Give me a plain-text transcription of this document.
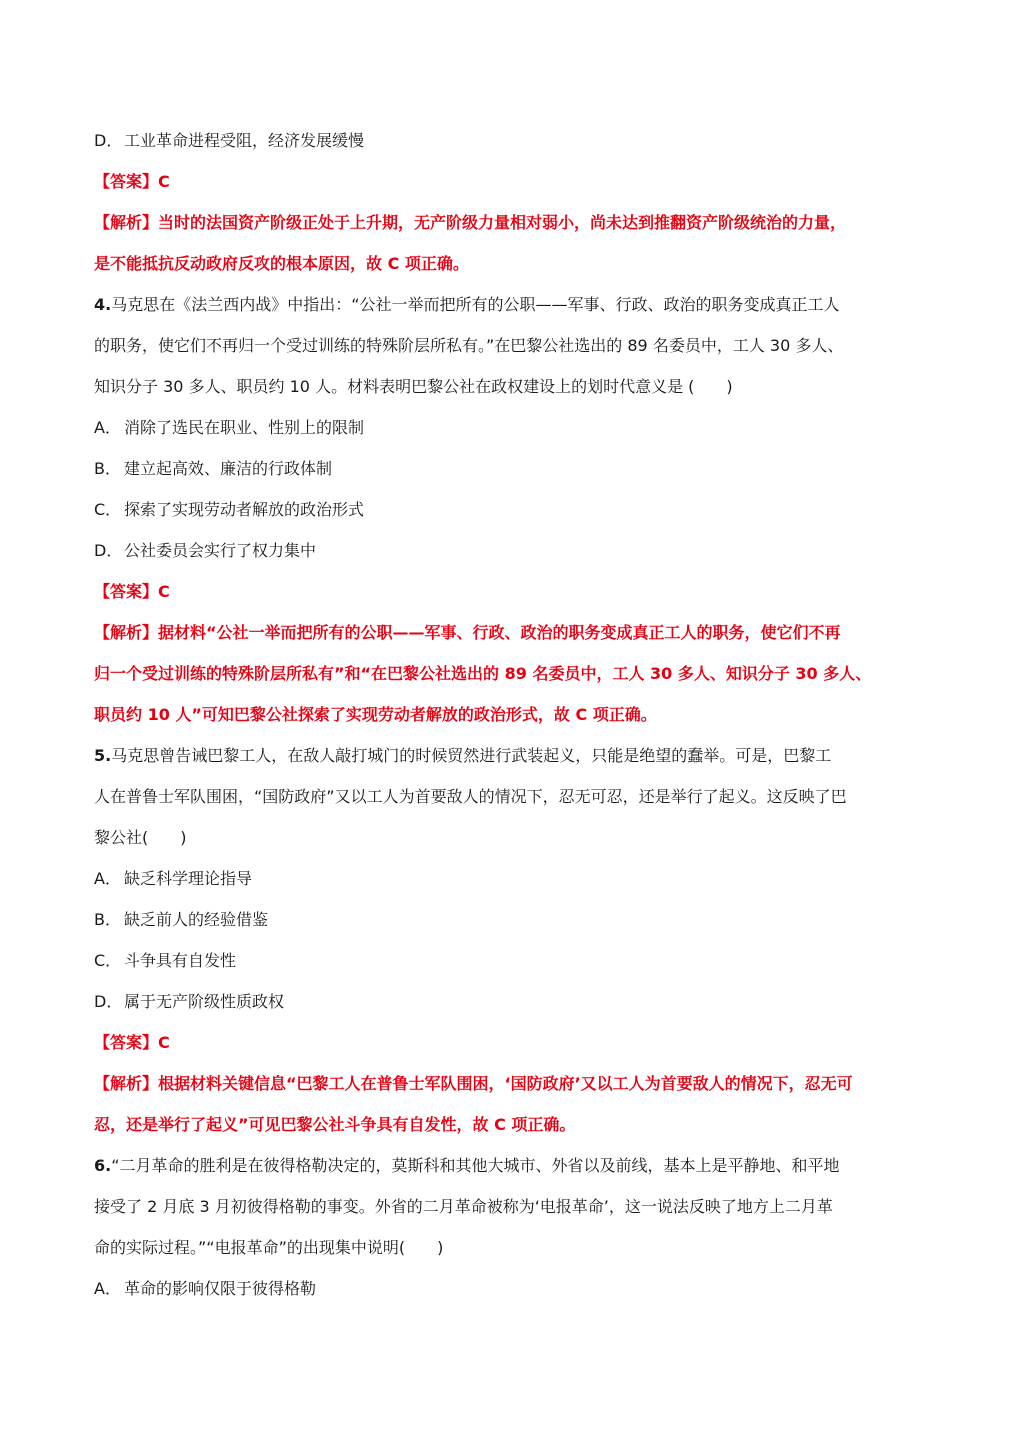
D． 工业革命进程受阻，经济发展缓慢
【答案】C
【解析】当时的法国资产阶级正处于上升期，无产阶级力量相对弱小，尚未达到推翻资产阶级统治的力量，
是不能抵抗反动政府反攻的根本原因，故 C 项正确。
4.马克思在《法兰西内战》中指出：“公社一举而把所有的公职——军事、行政、政治的职务变成真正工人
的职务，使它们不再归一个受过训练的特殊阶层所私有。”在巴黎公社选出的 89 名委员中，工人 30 多人、
知识分子 30 多人、职员约 10 人。材料表明巴黎公社在政权建设上的划时代意义是 (　　)
A． 消除了选民在职业、性别上的限制
B． 建立起高效、廉洁的行政体制
C． 探索了实现劳动者解放的政治形式
D． 公社委员会实行了权力集中
【答案】C
【解析】据材料“公社一举而把所有的公职——军事、行政、政治的职务变成真正工人的职务，使它们不再
归一个受过训练的特殊阶层所私有”和“在巴黎公社选出的 89 名委员中，工人 30 多人、知识分子 30 多人、
职员约 10 人”可知巴黎公社探索了实现劳动者解放的政治形式，故 C 项正确。
5.马克思曾告诫巴黎工人，在敌人敲打城门的时候贸然进行武装起义，只能是绝望的蠢举。可是，巴黎工
人在普鲁士军队围困，“国防政府”又以工人为首要敌人的情况下，忍无可忍，还是举行了起义。这反映了巴
黎公社(　　)
A． 缺乏科学理论指导
B． 缺乏前人的经验借鉴
C． 斗争具有自发性
D． 属于无产阶级性质政权
【答案】C
【解析】根据材料关键信息“巴黎工人在普鲁士军队围困，‘国防政府’又以工人为首要敌人的情况下，忍无可
忍，还是举行了起义”可见巴黎公社斗争具有自发性，故 C 项正确。
6.“二月革命的胜利是在彼得格勒决定的，莫斯科和其他大城市、外省以及前线，基本上是平静地、和平地
接受了 2 月底 3 月初彼得格勒的事变。外省的二月革命被称为‘电报革命’，这一说法反映了地方上二月革
命的实际过程。”“电报革命”的出现集中说明(　　)
A． 革命的影响仅限于彼得格勒
